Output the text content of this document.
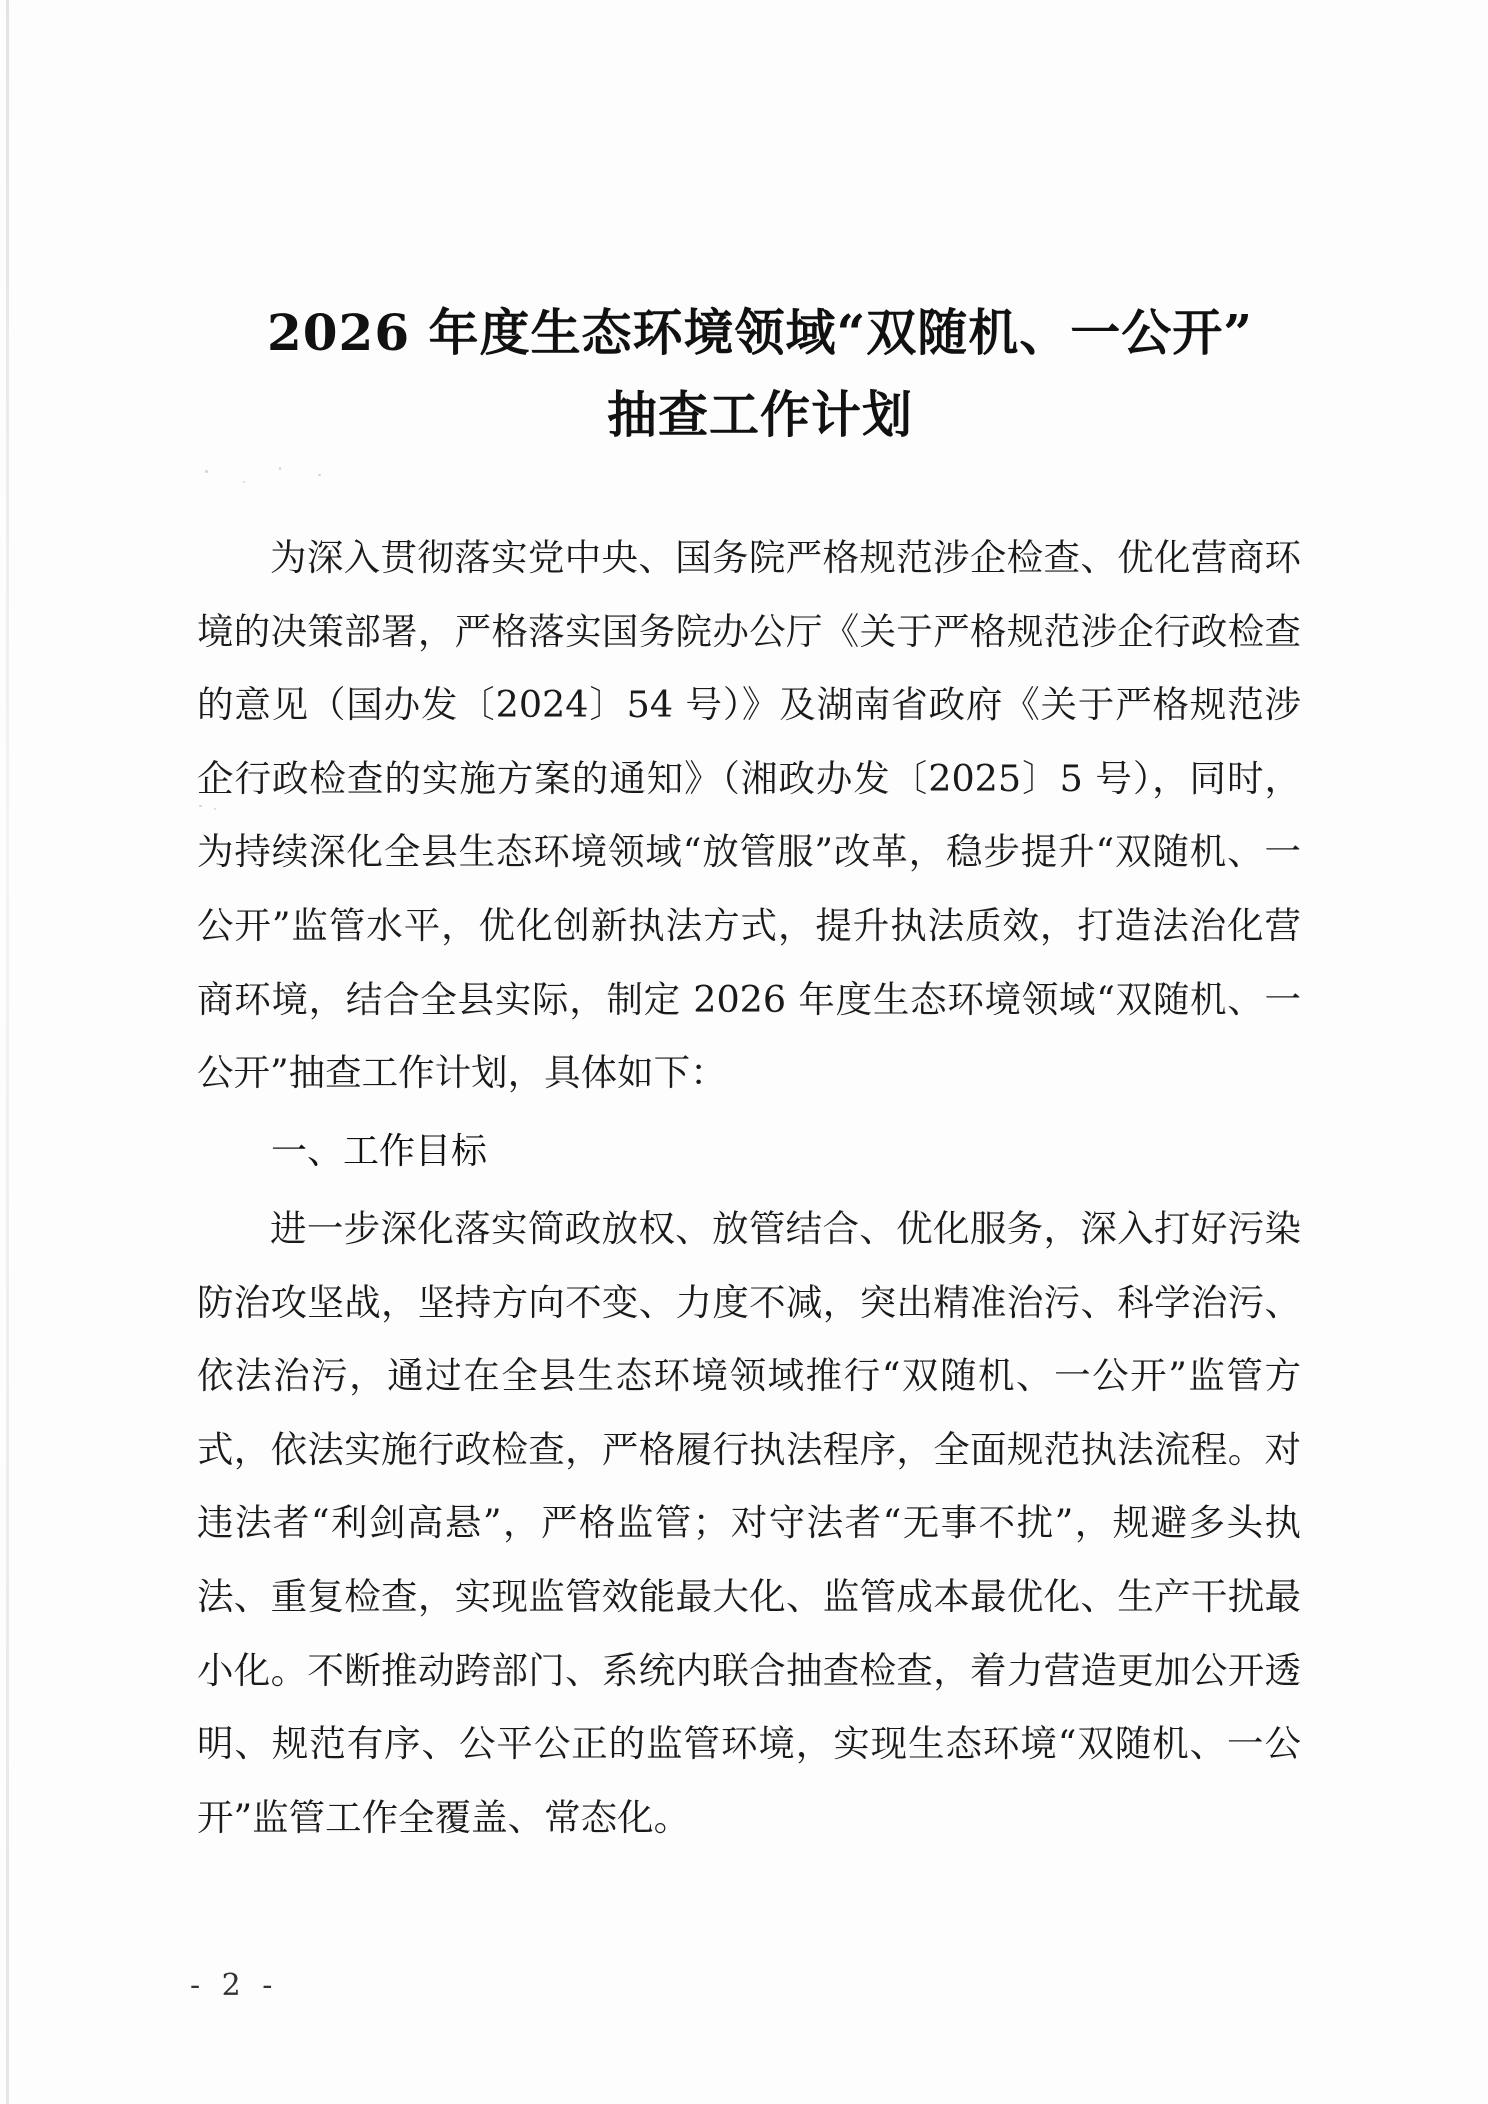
2026 年度生态环境领域“双随机、一公开”
抽查工作计划

为深入贯彻落实党中央、国务院严格规范涉企检查、优化营商环境的决策部署，严格落实国务院办公厅《关于严格规范涉企行政检查的意见（国办发〔2024〕54 号）》及湖南省政府《关于严格规范涉企行政检查的实施方案的通知》（湘政办发〔2025〕5 号），同时，为持续深化全县生态环境领域“放管服”改革，稳步提升“双随机、一公开”监管水平，优化创新执法方式，提升执法质效，打造法治化营商环境，结合全县实际，制定 2026 年度生态环境领域“双随机、一公开”抽查工作计划，具体如下：

一、工作目标

进一步深化落实简政放权、放管结合、优化服务，深入打好污染防治攻坚战，坚持方向不变、力度不减，突出精准治污、科学治污、依法治污，通过在全县生态环境领域推行“双随机、一公开”监管方式，依法实施行政检查，严格履行执法程序，全面规范执法流程。对违法者“利剑高悬”，严格监管；对守法者“无事不扰”，规避多头执法、重复检查，实现监管效能最大化、监管成本最优化、生产干扰最小化。不断推动跨部门、系统内联合抽查检查，着力营造更加公开透明、规范有序、公平公正的监管环境，实现生态环境“双随机、一公开”监管工作全覆盖、常态化。

- 2 -
